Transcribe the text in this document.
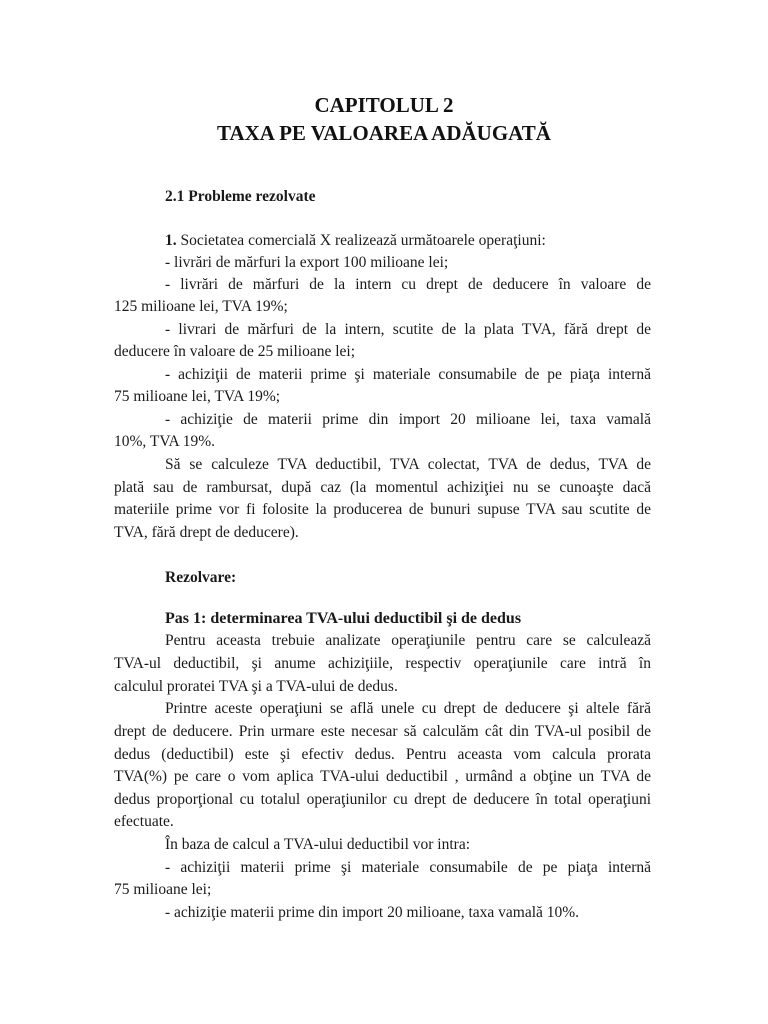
CAPITOLUL 2
TAXA PE VALOAREA ADĂUGATĂ
2.1 Probleme rezolvate
1. Societatea comercială X realizează următoarele operaţiuni:
- livrări de mărfuri la export 100 milioane lei;
- livrări de mărfuri de la intern cu drept de deducere în valoare de
125 milioane lei, TVA 19%;
- livrari de mărfuri de la intern, scutite de la plata TVA, fără drept de
deducere în valoare de 25 milioane lei;
- achiziţii de materii prime şi materiale consumabile de pe piaţa internă
75 milioane lei, TVA 19%;
- achiziţie de materii prime din import 20 milioane lei, taxa vamală
10%, TVA 19%.
Să se calculeze TVA deductibil, TVA colectat, TVA de dedus, TVA de
plată sau de rambursat, după caz (la momentul achiziţiei nu se cunoaşte dacă
materiile prime vor fi folosite la producerea de bunuri supuse TVA sau scutite de
TVA, fără drept de deducere).
Rezolvare:
Pas 1: determinarea TVA-ului deductibil şi de dedus
Pentru aceasta trebuie analizate operaţiunile pentru care se calculează
TVA-ul deductibil, şi anume achiziţiile, respectiv operaţiunile care intră în
calculul proratei TVA şi a TVA-ului de dedus.
Printre aceste operaţiuni se află unele cu drept de deducere şi altele fără
drept de deducere. Prin urmare este necesar să calculăm cât din TVA-ul posibil de
dedus (deductibil) este şi efectiv dedus. Pentru aceasta vom calcula prorata
TVA(%) pe care o vom aplica TVA-ului deductibil , urmând a obţine un TVA de
dedus proporţional cu totalul operaţiunilor cu drept de deducere în total operaţiuni
efectuate.
În baza de calcul a TVA-ului deductibil vor intra:
- achiziţii materii prime şi materiale consumabile de pe piaţa internă
75 milioane lei;
- achiziţie materii prime din import 20 milioane, taxa vamală 10%.
